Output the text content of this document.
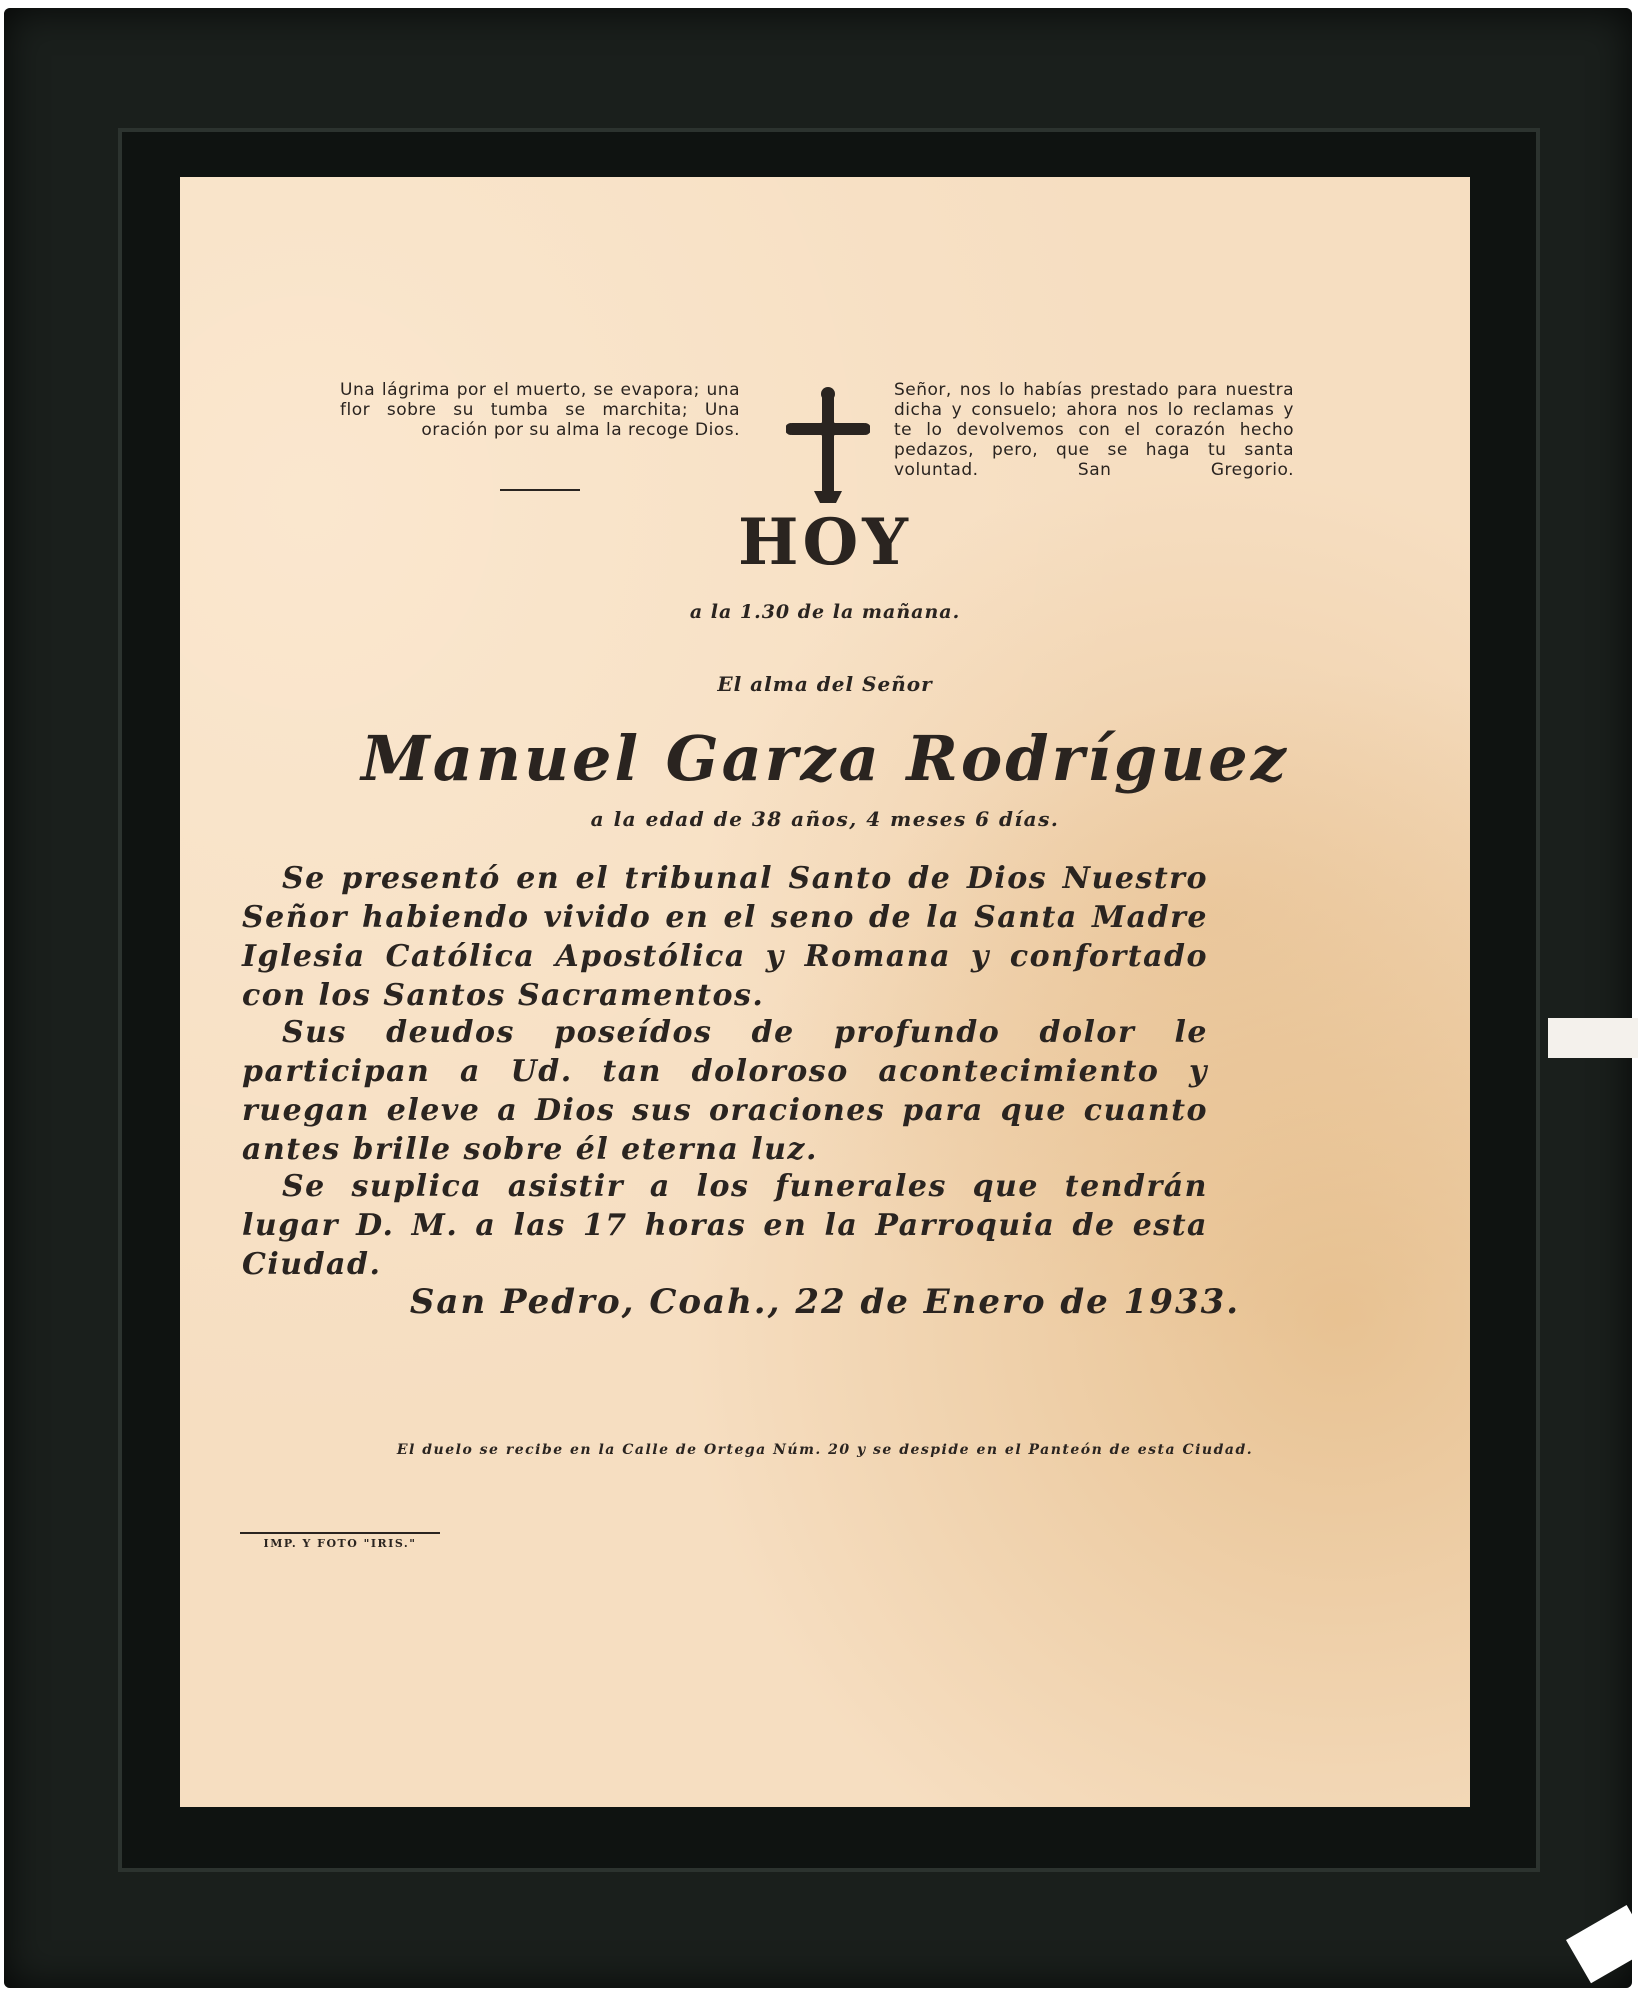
Una lágrima por el muerto, se evapora; una flor sobre su tumba se marchita; Una oración por su alma la recoge Dios.
Señor, nos lo habías prestado para nuestra dicha y consuelo; ahora nos lo reclamas y te lo devolvemos con el corazón hecho pedazos, pero, que se haga tu santa voluntad. San Gregorio.
HOY
a la 1.30 de la mañana.
El alma del Señor
Manuel Garza Rodríguez
a la edad de 38 años, 4 meses 6 días.
Se presentó en el tribunal Santo de Dios Nuestro Señor habiendo vivido en el seno de la Santa Madre Iglesia Católica Apostólica y Romana y confortado con los Santos Sacramentos.
Sus deudos poseídos de profundo dolor le participan a Ud. tan doloroso acontecimiento y ruegan eleve a Dios sus oraciones para que cuanto antes brille sobre él eterna luz.
Se suplica asistir a los funerales que tendrán lugar D. M. a las 17 horas en la Parroquia de esta Ciudad.
San Pedro, Coah., 22 de Enero de 1933.
El duelo se recibe en la Calle de Ortega Núm. 20 y se despide en el Panteón de esta Ciudad.
IMP. Y FOTO "IRIS."
